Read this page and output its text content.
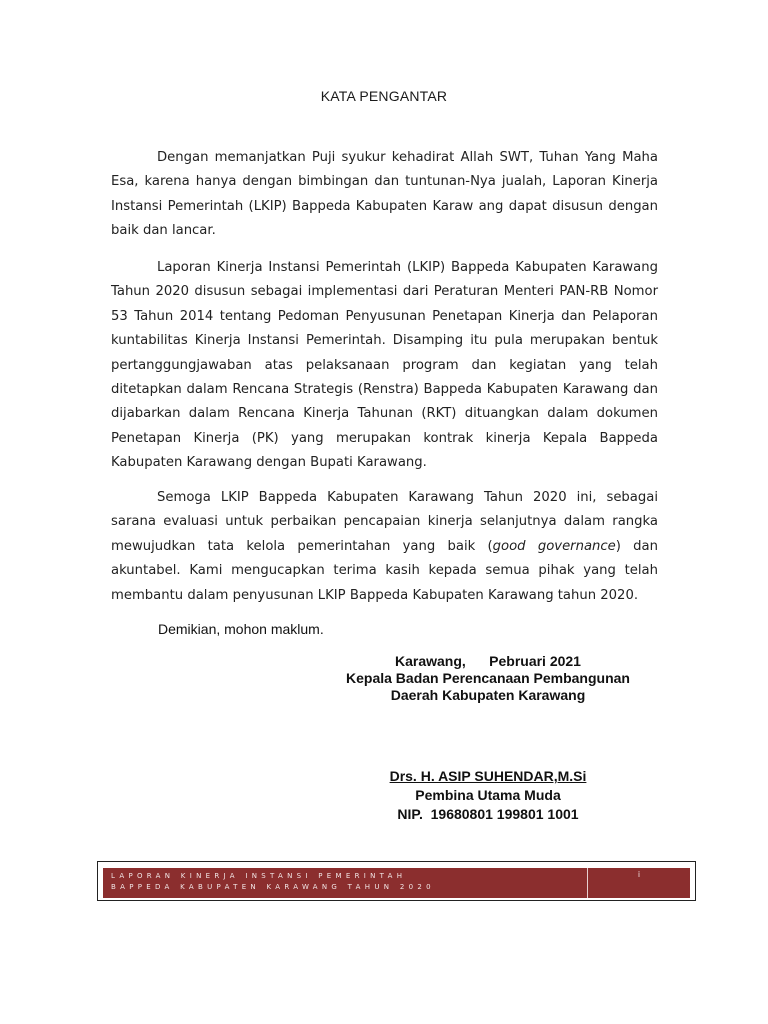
KATA PENGANTAR

Dengan memanjatkan Puji syukur kehadirat Allah SWT, Tuhan Yang Maha Esa, karena hanya dengan bimbingan dan tuntunan-Nya jualah, Laporan Kinerja Instansi Pemerintah (LKIP) Bappeda Kabupaten Karaw ang dapat disusun dengan baik dan lancar.

Laporan Kinerja Instansi Pemerintah (LKIP) Bappeda Kabupaten Karawang Tahun 2020 disusun sebagai implementasi dari Peraturan Menteri PAN-RB Nomor 53 Tahun 2014 tentang Pedoman Penyusunan Penetapan Kinerja dan Pelaporan kuntabilitas Kinerja Instansi Pemerintah. Disamping itu pula merupakan bentuk pertanggungjawaban atas pelaksanaan program dan kegiatan yang telah ditetapkan dalam Rencana Strategis (Renstra) Bappeda Kabupaten Karawang dan dijabarkan dalam Rencana Kinerja Tahunan (RKT) dituangkan dalam dokumen Penetapan Kinerja (PK) yang merupakan kontrak kinerja Kepala Bappeda Kabupaten Karawang dengan Bupati Karawang.

Semoga LKIP Bappeda Kabupaten Karawang Tahun 2020 ini, sebagai sarana evaluasi untuk perbaikan pencapaian kinerja selanjutnya dalam rangka mewujudkan tata kelola pemerintahan yang baik (good governance) dan akuntabel. Kami mengucapkan terima kasih kepada semua pihak yang telah membantu dalam penyusunan LKIP Bappeda Kabupaten Karawang tahun 2020.

Demikian, mohon maklum.
Karawang,      Pebruari 2021
Kepala Badan Perencanaan Pembangunan
Daerah Kabupaten Karawang
Drs. H. ASIP SUHENDAR,M.Si
Pembina Utama Muda
NIP.  19680801 199801 1001
LAPORAN KINERJA INSTANSI PEMERINTAH
BAPPEDA KABUPATEN KARAWANG TAHUN 2020
i
